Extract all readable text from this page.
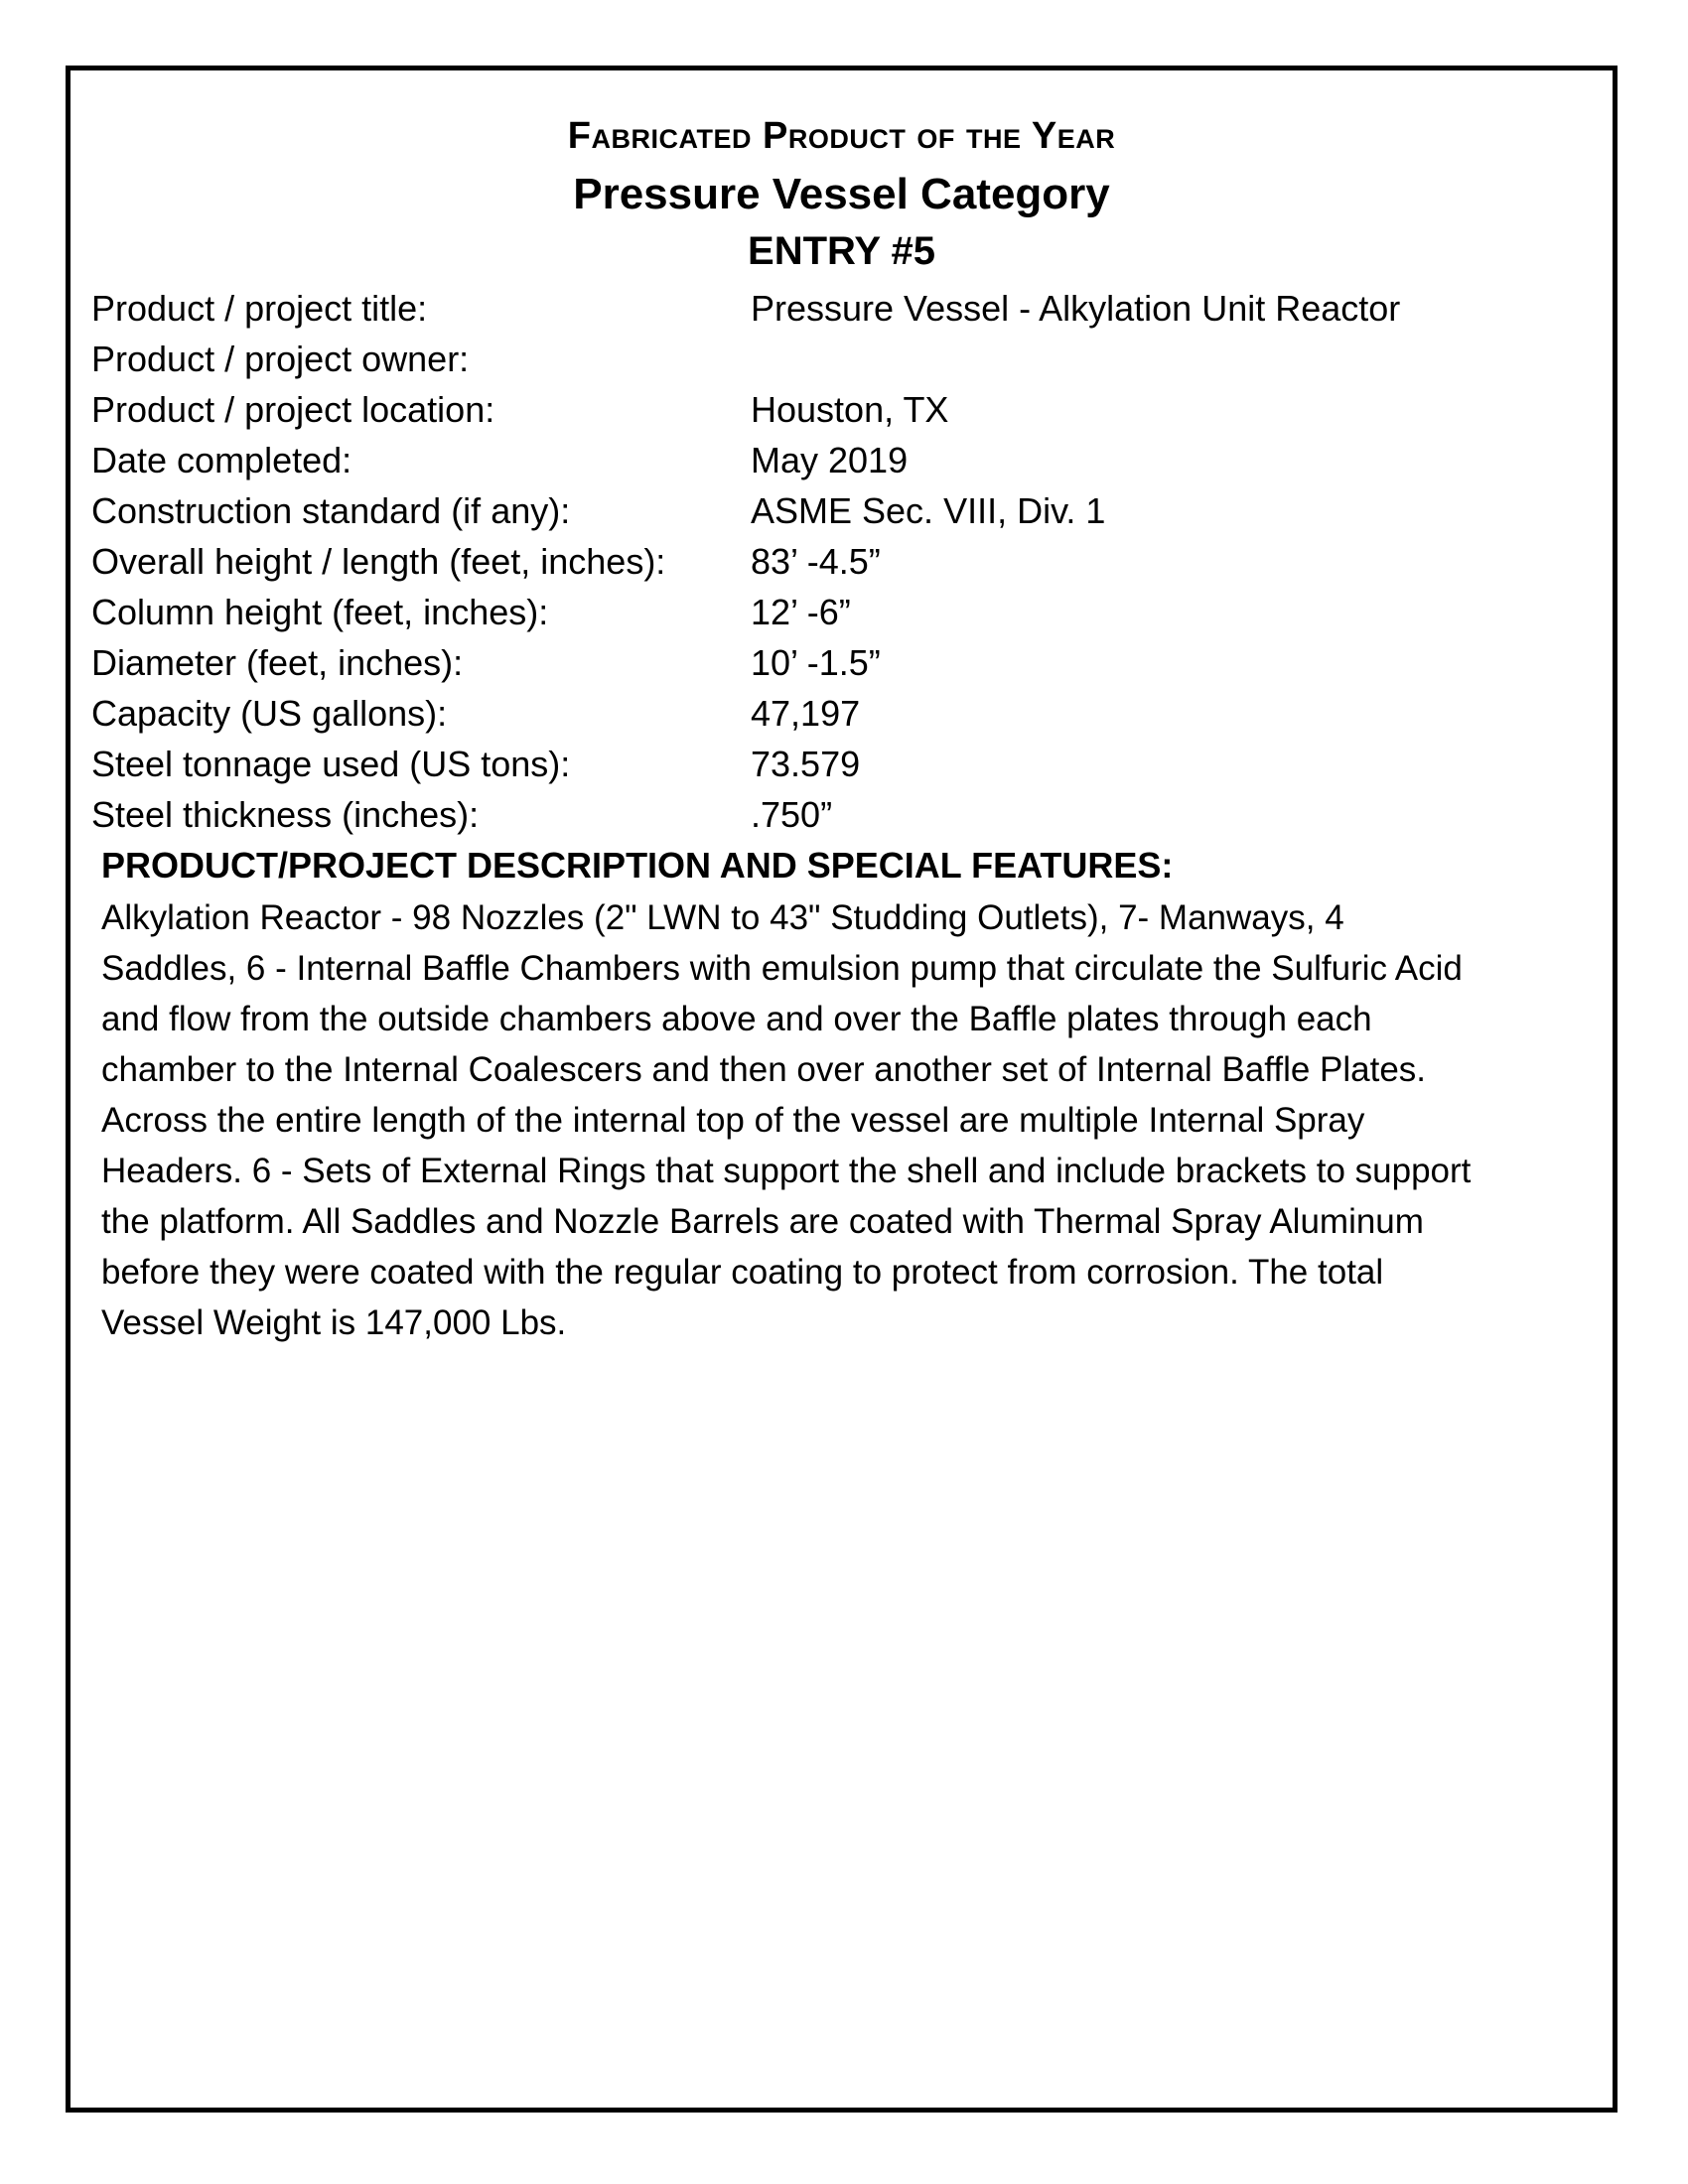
Fabricated Product of the Year
Pressure Vessel Category
ENTRY #5
Product / project title:	Pressure Vessel - Alkylation Unit Reactor
Product / project owner:
Product / project location:	Houston, TX
Date completed:	May 2019
Construction standard (if any):	ASME Sec. VIII, Div. 1
Overall height / length (feet, inches):	83’ -4.5”
Column height (feet, inches):	12’ -6”
Diameter (feet, inches):	10’ -1.5”
Capacity (US gallons):	47,197
Steel tonnage used (US tons):	73.579
Steel thickness (inches):	.750”
PRODUCT/PROJECT DESCRIPTION AND SPECIAL FEATURES:
Alkylation Reactor - 98 Nozzles (2" LWN to 43" Studding Outlets), 7- Manways, 4
Saddles, 6 - Internal Baffle Chambers with emulsion pump that circulate the Sulfuric Acid
and flow from the outside chambers above and over the Baffle plates through each
chamber to the Internal Coalescers and then over another set of Internal Baffle Plates.
Across the entire length of the internal top of the vessel are multiple Internal Spray
Headers. 6 - Sets of External Rings that support the shell and include brackets to support
the platform. All Saddles and Nozzle Barrels are coated with Thermal Spray Aluminum
before they were coated with the regular coating to protect from corrosion. The total
Vessel Weight is 147,000 Lbs.
